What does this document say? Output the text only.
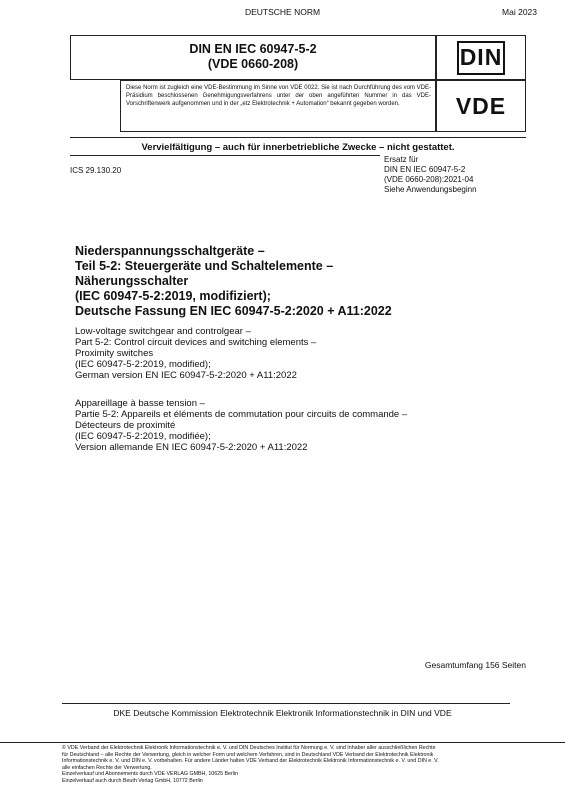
DEUTSCHE NORM	Mai 2023
DIN EN IEC 60947-5-2
(VDE 0660-208)	DIN
Diese Norm ist zugleich eine VDE-Bestimmung im Sinne von VDE 0022. Sie ist nach Durchführung des vom VDE-Präsidium beschlossenen Genehmigungsverfahrens unter der oben angeführten Nummer in das VDE-Vorschriftenwerk aufgenommen und in der „etz Elektrotechnik + Automation“ bekannt gegeben worden.	VDE
Vervielfältigung – auch für innerbetriebliche Zwecke – nicht gestattet.
ICS 29.130.20
Ersatz für
DIN EN IEC 60947-5-2
(VDE 0660-208):2021-04
Siehe Anwendungsbeginn
Niederspannungsschaltgeräte –
Teil 5-2: Steuergeräte und Schaltelemente –
Näherungsschalter
(IEC 60947-5-2:2019, modifiziert);
Deutsche Fassung EN IEC 60947-5-2:2020 + A11:2022
Low-voltage switchgear and controlgear –
Part 5-2: Control circuit devices and switching elements –
Proximity switches
(IEC 60947-5-2:2019, modified);
German version EN IEC 60947-5-2:2020 + A11:2022
Appareillage à basse tension –
Partie 5-2: Appareils et éléments de commutation pour circuits de commande –
Détecteurs de proximité
(IEC 60947-5-2:2019, modifiée);
Version allemande EN IEC 60947-5-2:2020 + A11:2022
Gesamtumfang 156 Seiten
DKE Deutsche Kommission Elektrotechnik Elektronik Informationstechnik in DIN und VDE
© VDE Verband der Elektrotechnik Elektronik Informationstechnik e. V. und DIN Deutsches Institut für Normung e. V. sind Inhaber aller ausschließlichen Rechte
für Deutschland – alle Rechte der Verwertung, gleich in welcher Form und welchem Verfahren, sind in Deutschland VDE Verband der Elektrotechnik Elektronik
Informationstechnik e. V. und DIN e. V. vorbehalten. Für andere Länder halten VDE Verband der Elektrotechnik Elektronik Informationstechnik e. V. und DIN e. V.
alle einfachen Rechte der Verwertung.
Einzelverkauf und Abonnements durch VDE VERLAG GMBH, 10625 Berlin
Einzelverkauf auch durch Beuth Verlag GmbH, 10772 Berlin
